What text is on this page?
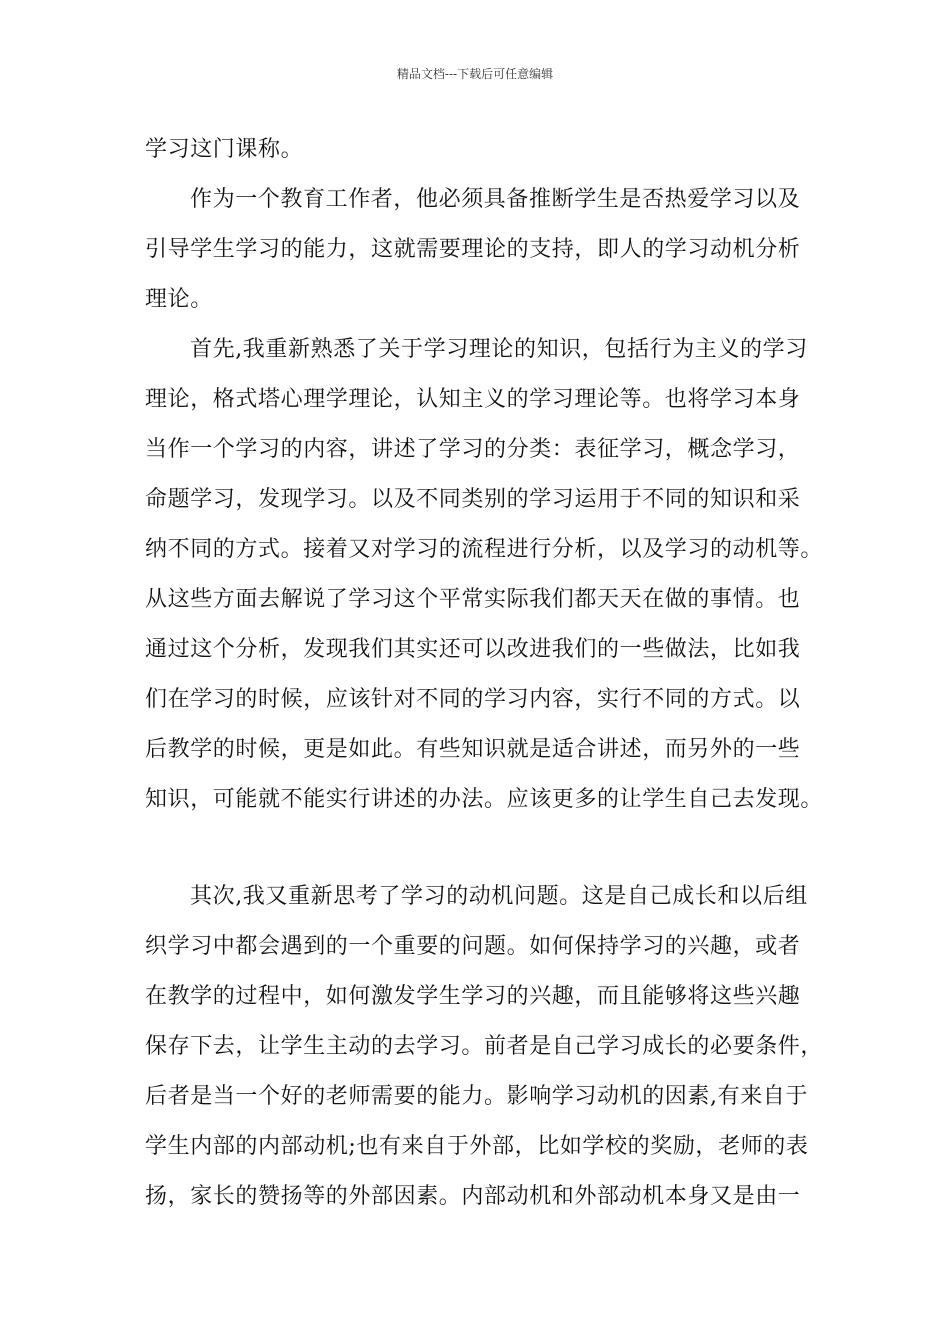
精品文档---下载后可任意编辑
学习这门课称。
作为一个教育工作者，他必须具备推断学生是否热爱学习以及
引导学生学习的能力，这就需要理论的支持，即人的学习动机分析
理论。
首先,我重新熟悉了关于学习理论的知识，包括行为主义的学习
理论，格式塔心理学理论，认知主义的学习理论等。也将学习本身
当作一个学习的内容，讲述了学习的分类：表征学习，概念学习，
命题学习，发现学习。以及不同类别的学习运用于不同的知识和采
纳不同的方式。接着又对学习的流程进行分析，以及学习的动机等。
从这些方面去解说了学习这个平常实际我们都天天在做的事情。也
通过这个分析，发现我们其实还可以改进我们的一些做法，比如我
们在学习的时候，应该针对不同的学习内容，实行不同的方式。以
后教学的时候，更是如此。有些知识就是适合讲述，而另外的一些
知识，可能就不能实行讲述的办法。应该更多的让学生自己去发现。
其次,我又重新思考了学习的动机问题。这是自己成长和以后组
织学习中都会遇到的一个重要的问题。如何保持学习的兴趣，或者
在教学的过程中，如何激发学生学习的兴趣，而且能够将这些兴趣
保存下去，让学生主动的去学习。前者是自己学习成长的必要条件，
后者是当一个好的老师需要的能力。影响学习动机的因素,有来自于
学生内部的内部动机;也有来自于外部，比如学校的奖励，老师的表
扬，家长的赞扬等的外部因素。内部动机和外部动机本身又是由一
